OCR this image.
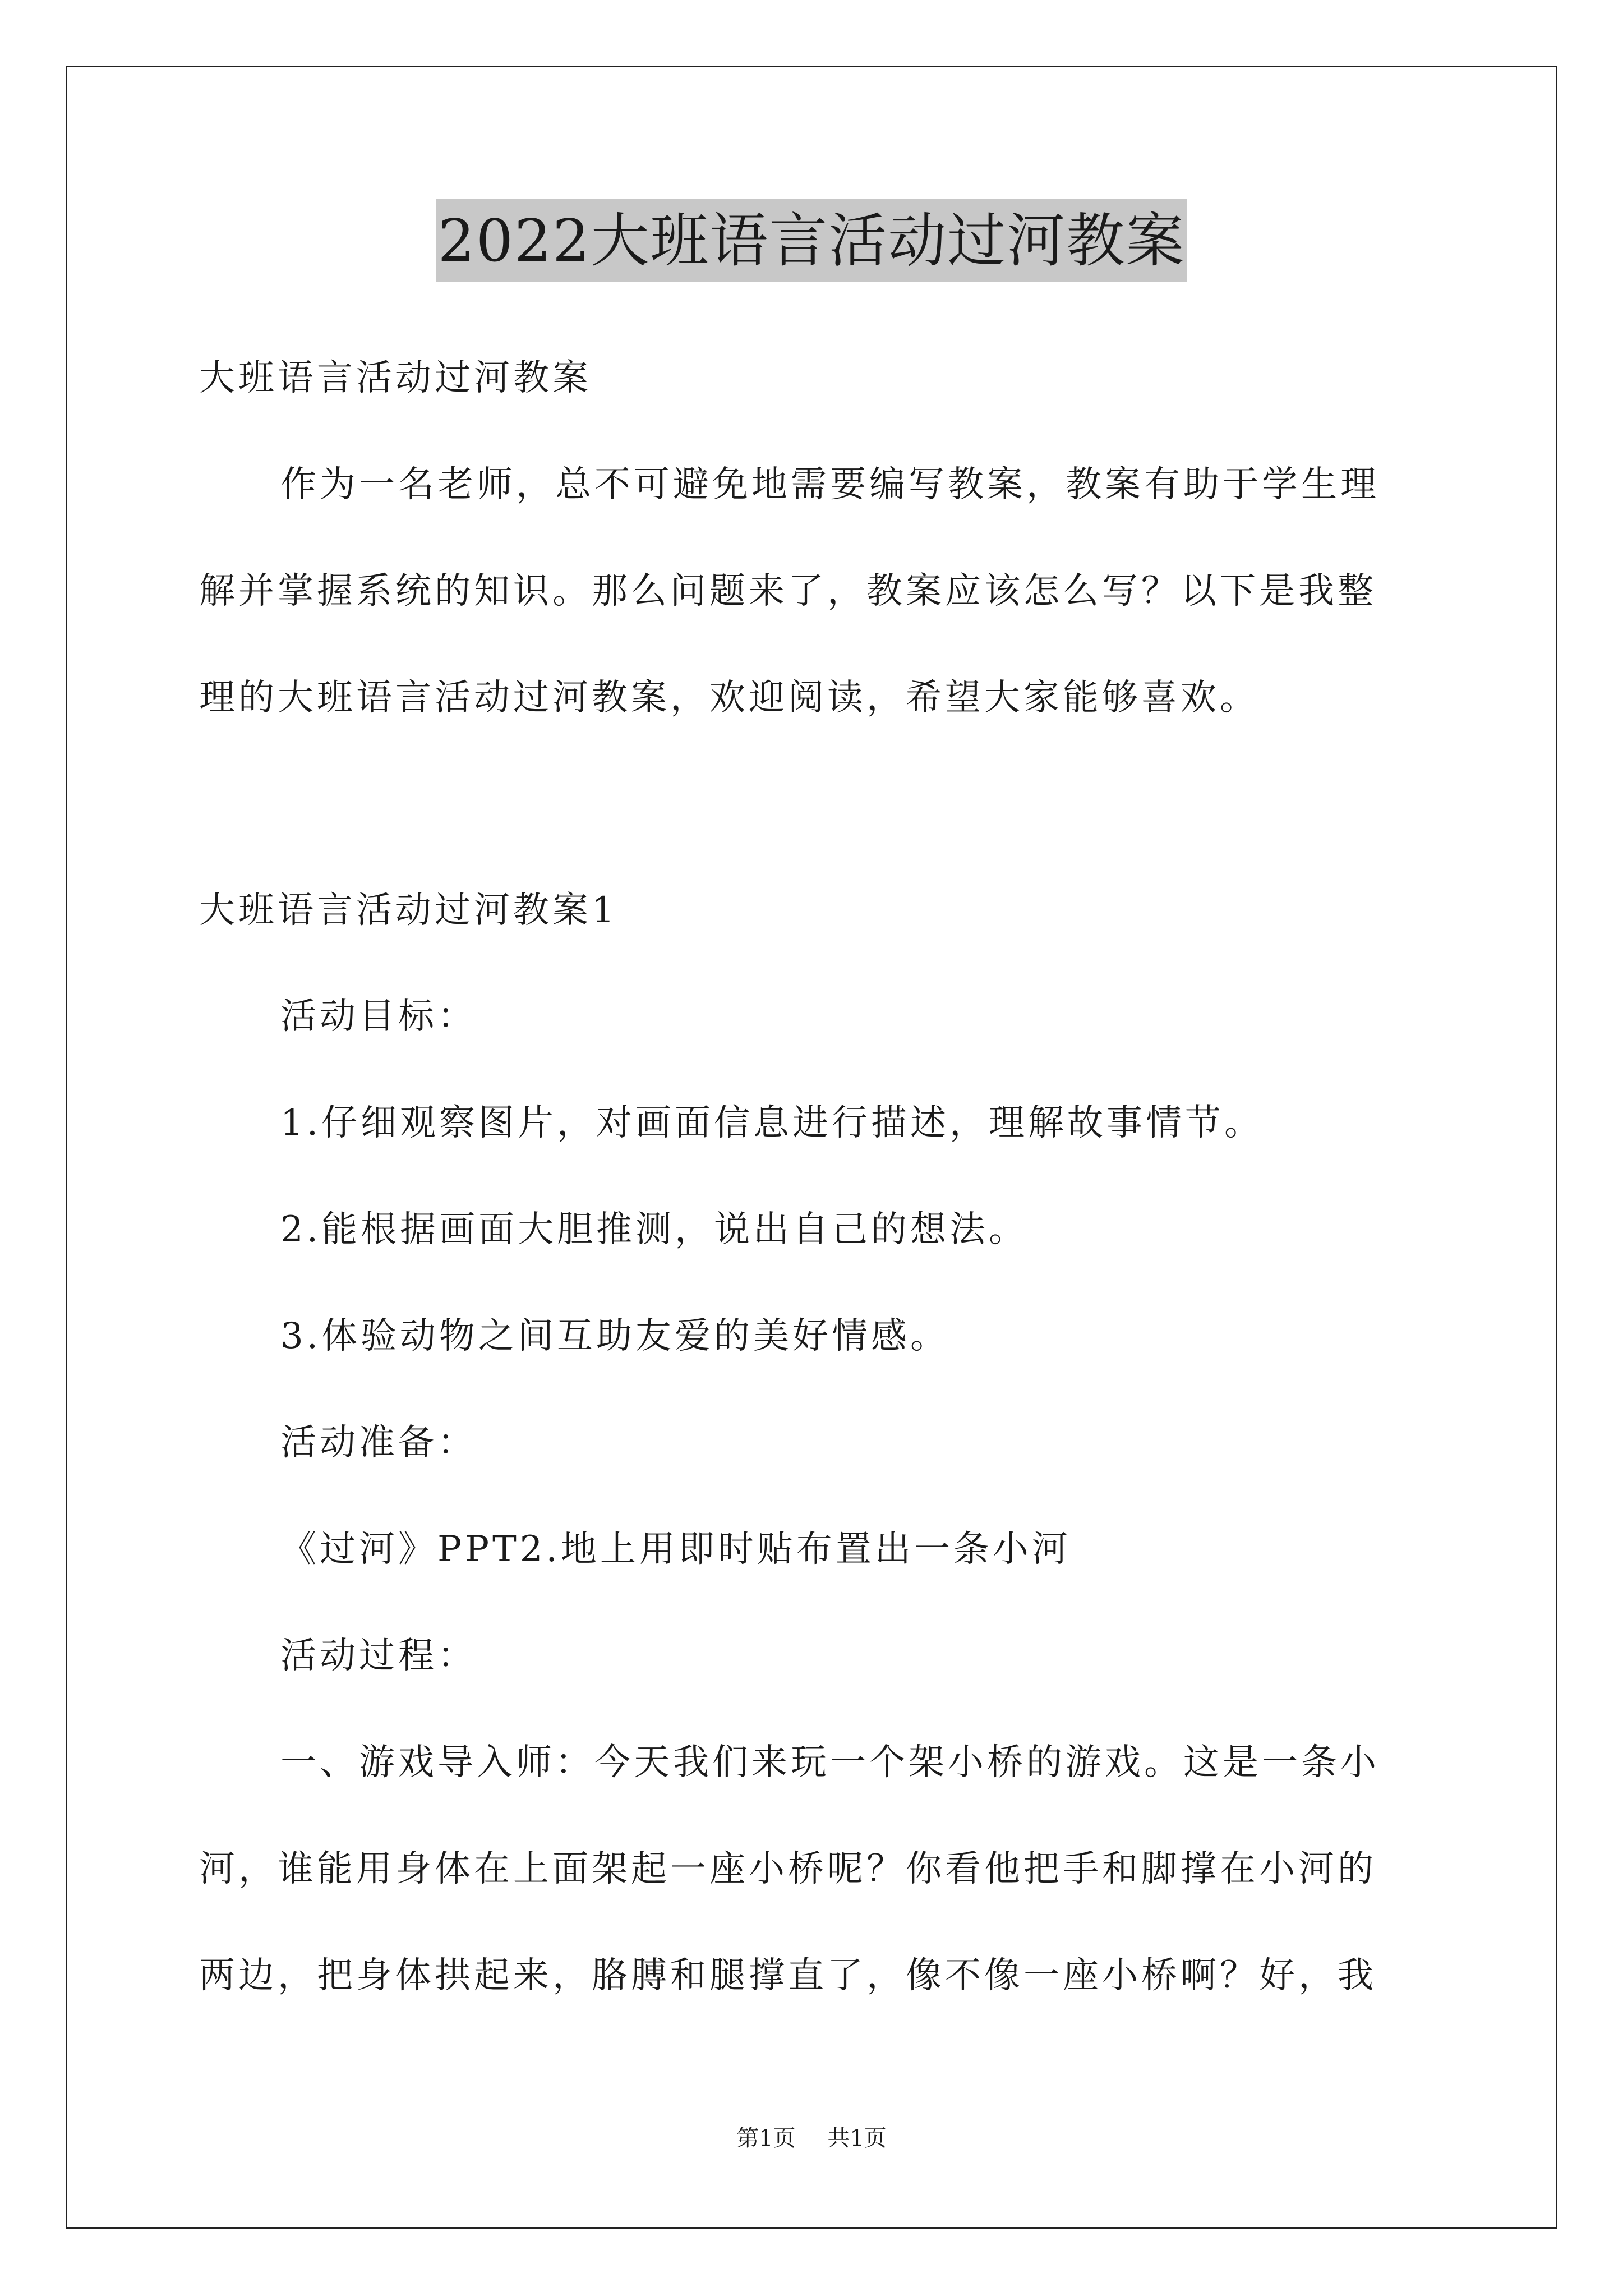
2022大班语言活动过河教案
大班语言活动过河教案
作为一名老师，总不可避免地需要编写教案，教案有助于学生理
解并掌握系统的知识。那么问题来了，教案应该怎么写？以下是我整
理的大班语言活动过河教案，欢迎阅读，希望大家能够喜欢。
大班语言活动过河教案1
活动目标：
1.仔细观察图片，对画面信息进行描述，理解故事情节。
2.能根据画面大胆推测，说出自己的想法。
3.体验动物之间互助友爱的美好情感。
活动准备：
《过河》PPT2.地上用即时贴布置出一条小河
活动过程：
一、游戏导入师：今天我们来玩一个架小桥的游戏。这是一条小
河，谁能用身体在上面架起一座小桥呢？你看他把手和脚撑在小河的
两边，把身体拱起来，胳膊和腿撑直了，像不像一座小桥啊？好，我
第1页 共1页
